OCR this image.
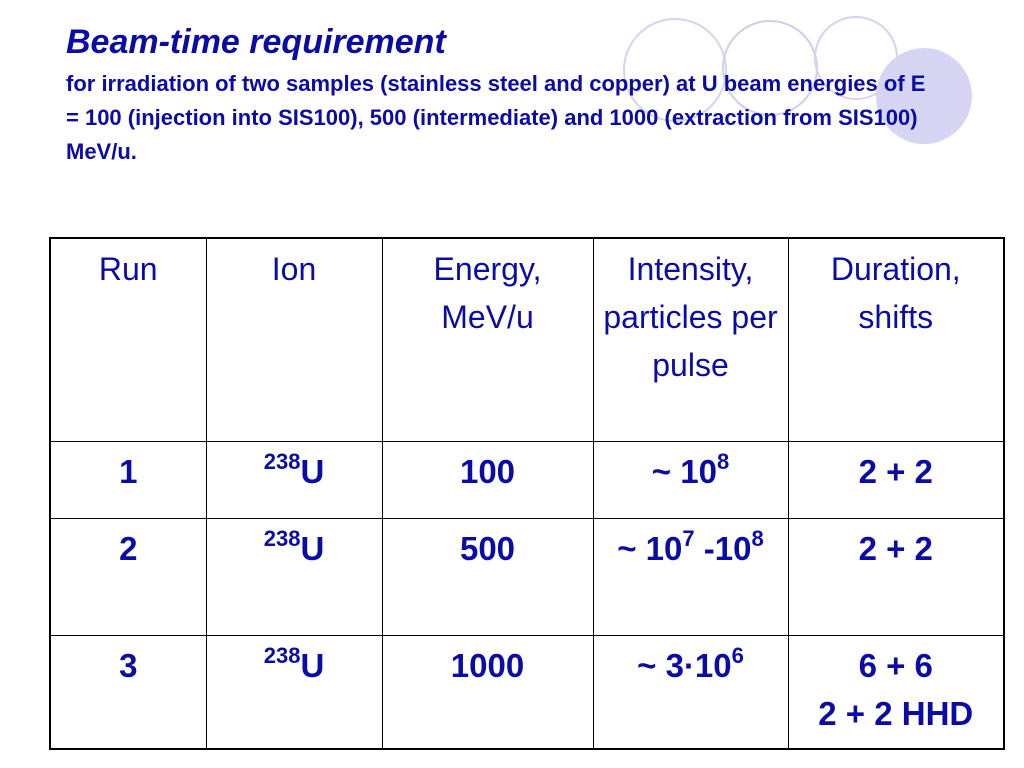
Beam-time requirement
for irradiation of two samples (stainless steel and copper) at U beam energies of E = 100 (injection into SIS100), 500 (intermediate) and 1000 (extraction from SIS100) MeV/u.
Run	Ion	Energy, MeV/u	Intensity, particles per pulse	Duration, shifts
1	$^{238}$U	100	~ $10^8$	2 + 2

2	$^{238}$U	500	~ $10^7$ $-10^8$	2 + 2

3	$^{238}$U	1000	~ $3\cdot 10^6$	6 + 6
2 + 2 HHD
